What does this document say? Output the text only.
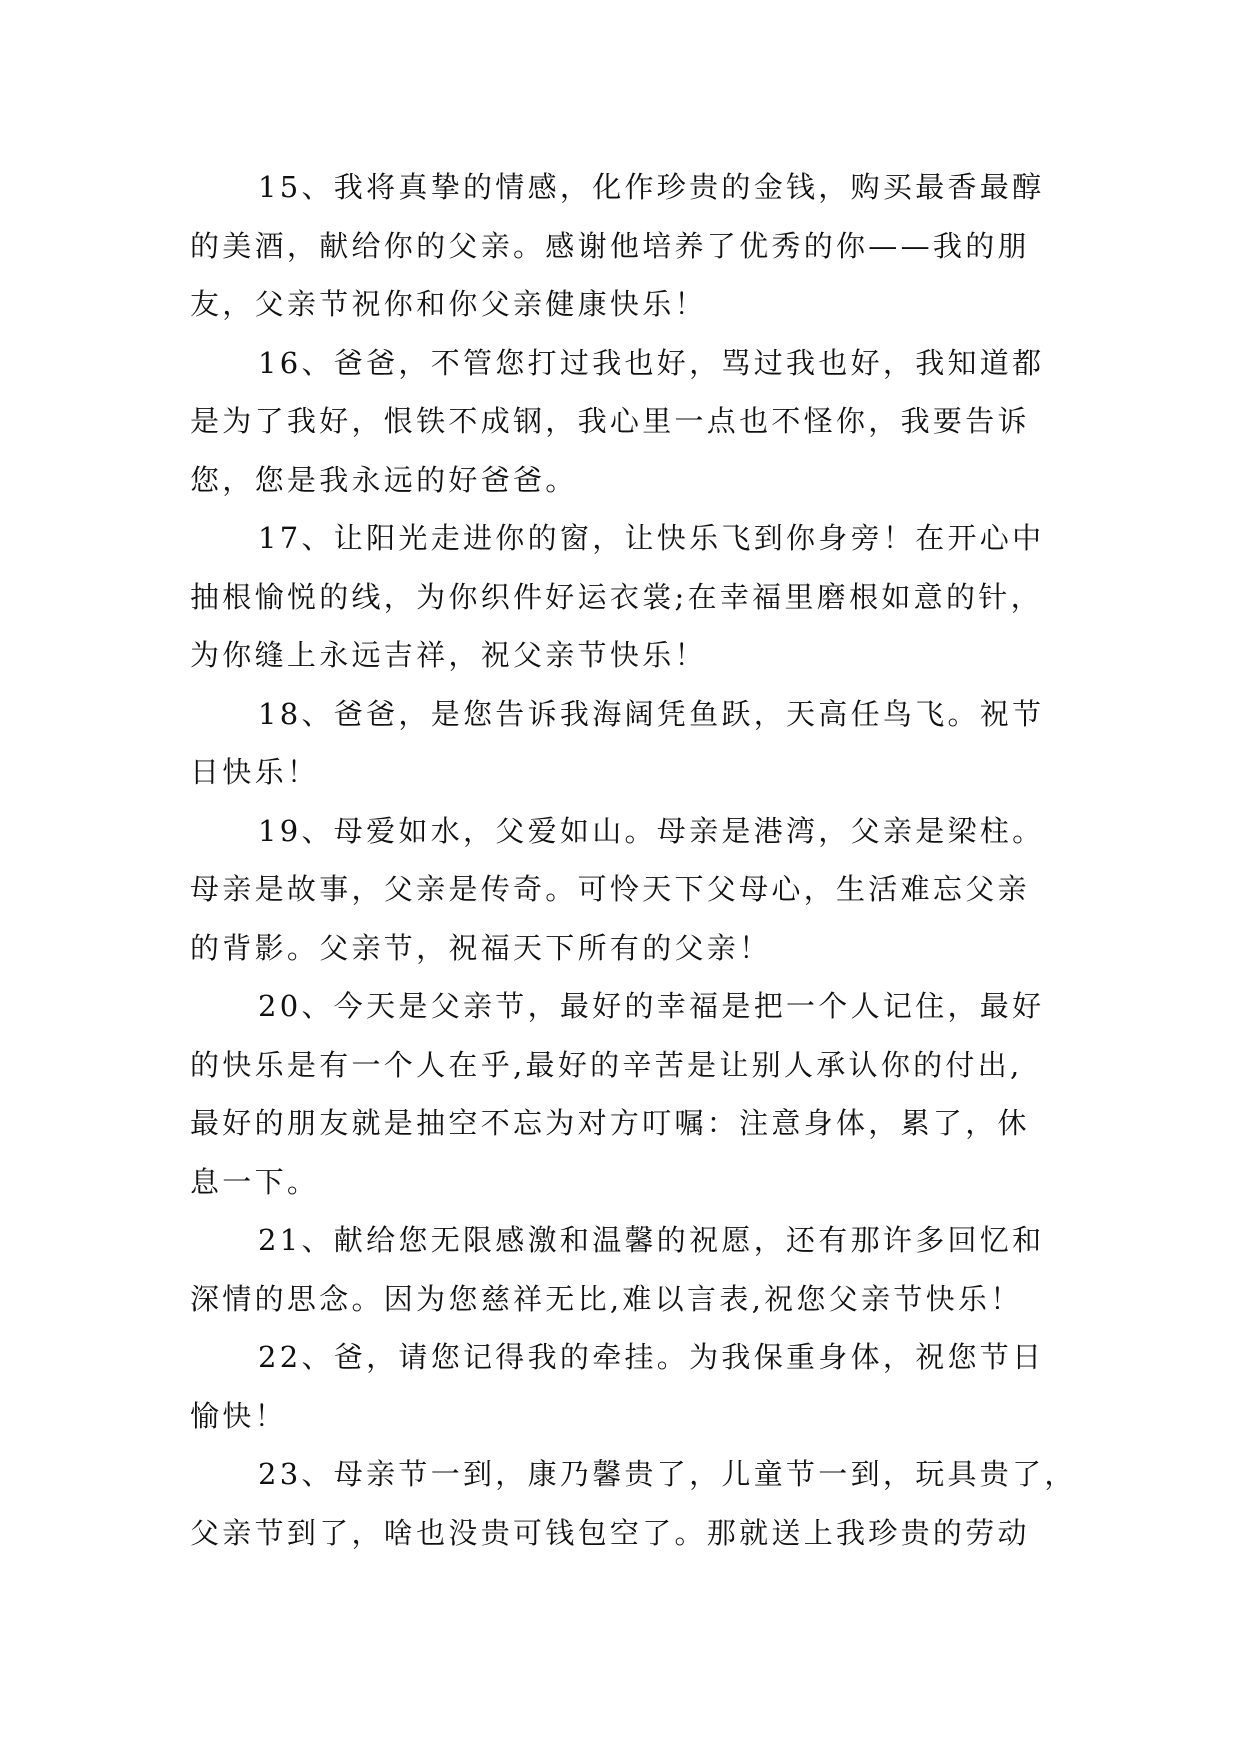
15、我将真挚的情感，化作珍贵的金钱，购买最香最醇
的美酒，献给你的父亲。感谢他培养了优秀的你——我的朋
友，父亲节祝你和你父亲健康快乐！

16、爸爸，不管您打过我也好，骂过我也好，我知道都
是为了我好，恨铁不成钢，我心里一点也不怪你，我要告诉
您，您是我永远的好爸爸。

17、让阳光走进你的窗，让快乐飞到你身旁！在开心中
抽根愉悦的线，为你织件好运衣裳;在幸福里磨根如意的针，
为你缝上永远吉祥，祝父亲节快乐！

18、爸爸，是您告诉我海阔凭鱼跃，天高任鸟飞。祝节
日快乐！

19、母爱如水，父爱如山。母亲是港湾，父亲是梁柱。
母亲是故事，父亲是传奇。可怜天下父母心，生活难忘父亲
的背影。父亲节，祝福天下所有的父亲！

20、今天是父亲节，最好的幸福是把一个人记住，最好
的快乐是有一个人在乎,最好的辛苦是让别人承认你的付出,
最好的朋友就是抽空不忘为对方叮嘱：注意身体，累了，休
息一下。

21、献给您无限感激和温馨的祝愿，还有那许多回忆和
深情的思念。因为您慈祥无比,难以言表,祝您父亲节快乐！

22、爸，请您记得我的牵挂。为我保重身体，祝您节日
愉快！

23、母亲节一到，康乃馨贵了，儿童节一到，玩具贵了，
父亲节到了，啥也没贵可钱包空了。那就送上我珍贵的劳动
